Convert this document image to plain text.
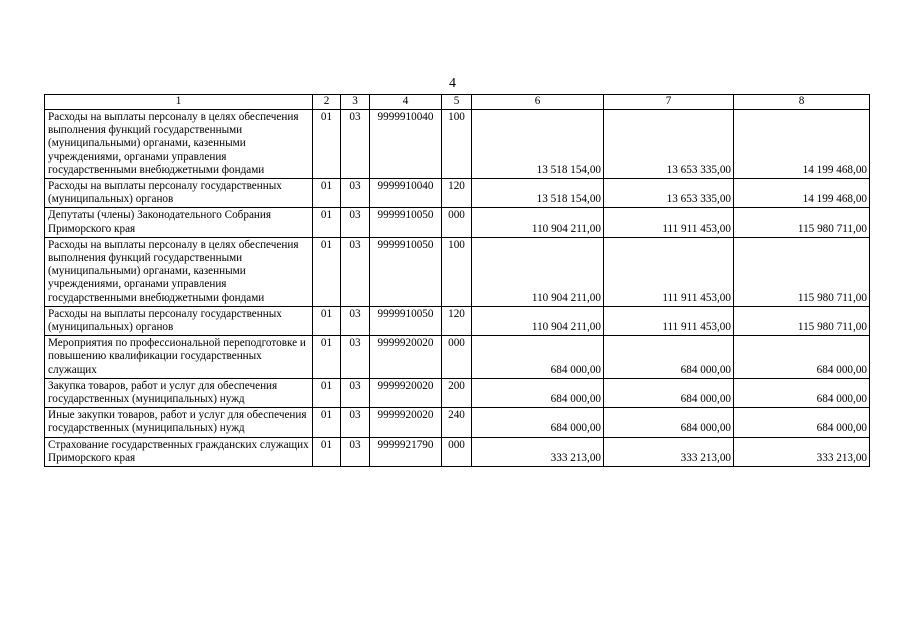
4
1	2	3	4	5	6	7	8
Расходы на выплаты персоналу в целях обеспечения выполнения функций государственными (муниципальными) органами, казенными учреждениями, органами управления государственными внебюджетными фондами	01	03	9999910040	100	13 518 154,00	13 653 335,00	14 199 468,00
Расходы на выплаты персоналу государственных (муниципальных) органов	01	03	9999910040	120	13 518 154,00	13 653 335,00	14 199 468,00
Депутаты (члены) Законодательного Собрания Приморского края	01	03	9999910050	000	110 904 211,00	111 911 453,00	115 980 711,00
Расходы на выплаты персоналу в целях обеспечения выполнения функций государственными (муниципальными) органами, казенными учреждениями, органами управления государственными внебюджетными фондами	01	03	9999910050	100	110 904 211,00	111 911 453,00	115 980 711,00
Расходы на выплаты персоналу государственных (муниципальных) органов	01	03	9999910050	120	110 904 211,00	111 911 453,00	115 980 711,00
Мероприятия по профессиональной переподготовке и повышению квалификации государственных служащих	01	03	9999920020	000	684 000,00	684 000,00	684 000,00
Закупка товаров, работ и услуг для обеспечения государственных (муниципальных) нужд	01	03	9999920020	200	684 000,00	684 000,00	684 000,00
Иные закупки товаров, работ и услуг для обеспечения государственных (муниципальных) нужд	01	03	9999920020	240	684 000,00	684 000,00	684 000,00
Страхование государственных гражданских служащих Приморского края	01	03	9999921790	000	333 213,00	333 213,00	333 213,00
